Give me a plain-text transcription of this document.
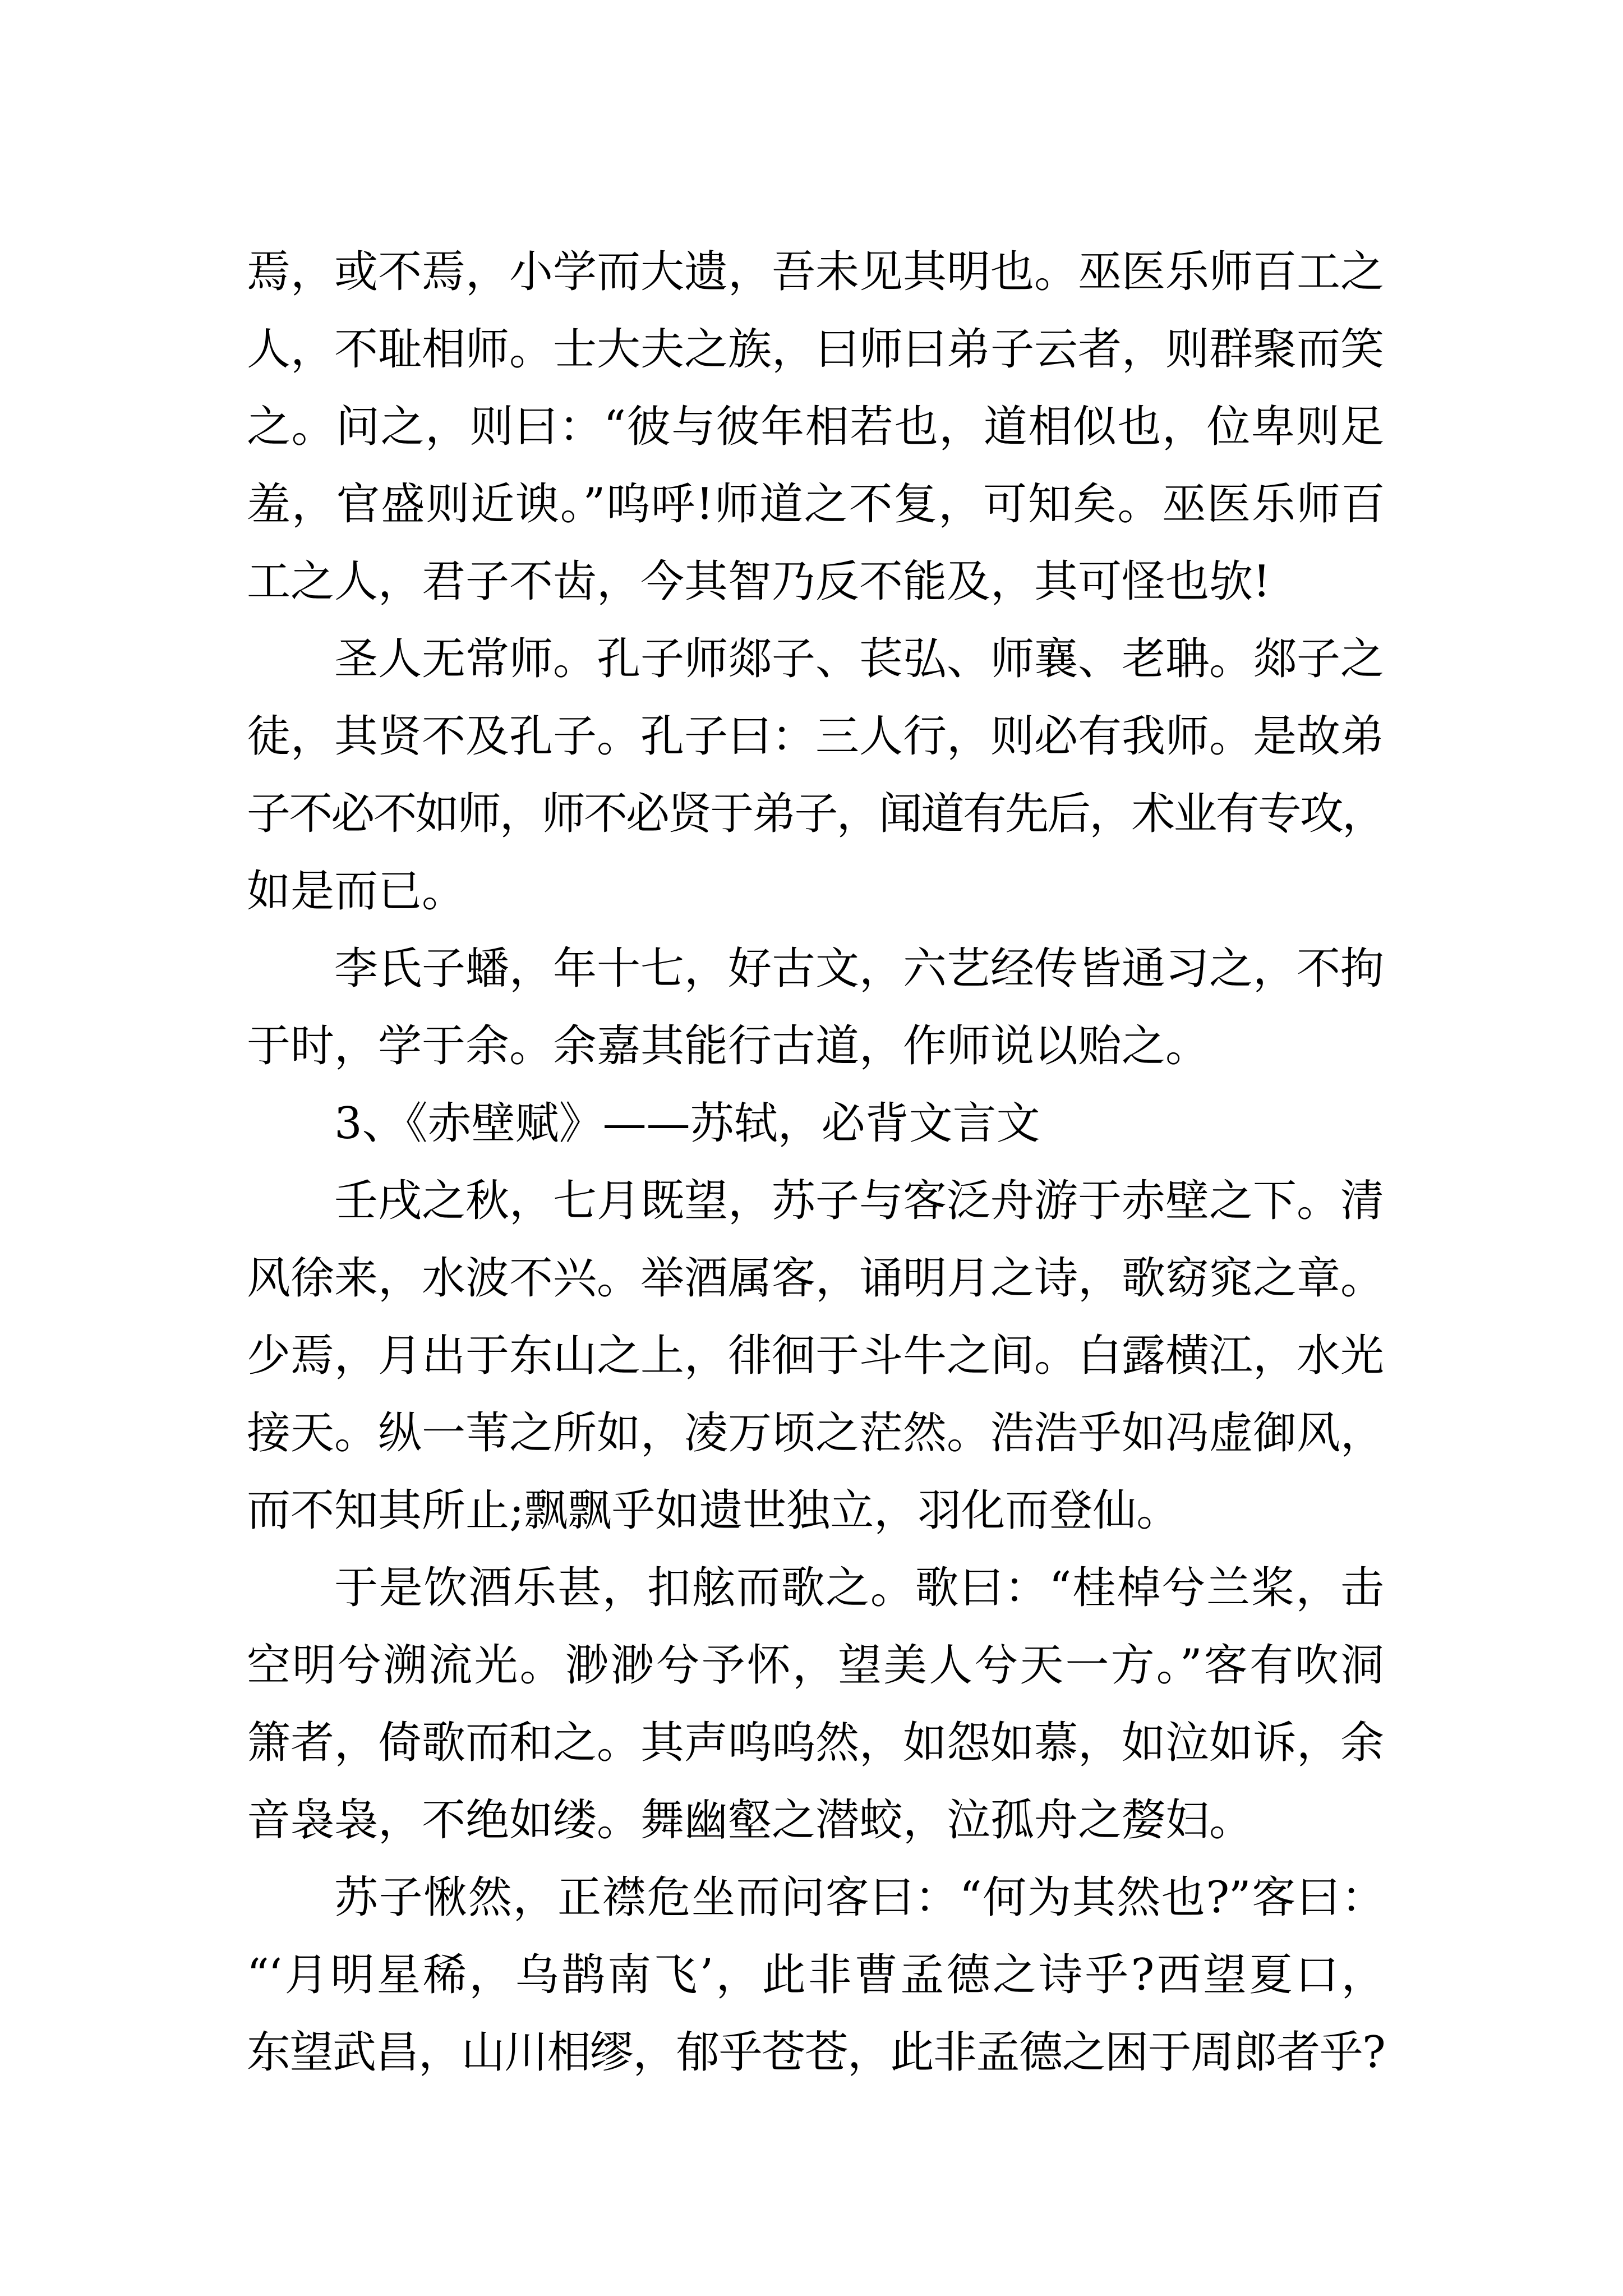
焉，或不焉，小学而大遗，吾未见其明也。巫医乐师百工之
人，不耻相师。士大夫之族，曰师曰弟子云者，则群聚而笑
之。问之，则曰：“彼与彼年相若也，道相似也，位卑则足
羞，官盛则近谀。”呜呼!师道之不复，可知矣。巫医乐师百
工之人，君子不齿，今其智乃反不能及，其可怪也欤!
圣人无常师。孔子师郯子、苌弘、师襄、老聃。郯子之
徒，其贤不及孔子。孔子曰：三人行，则必有我师。是故弟
子不必不如师，师不必贤于弟子，闻道有先后，术业有专攻，
如是而已。
李氏子蟠，年十七，好古文，六艺经传皆通习之，不拘
于时，学于余。余嘉其能行古道，作师说以贻之。
3、《赤壁赋》——苏轼，必背文言文
壬戌之秋，七月既望，苏子与客泛舟游于赤壁之下。清
风徐来，水波不兴。举酒属客，诵明月之诗，歌窈窕之章。
少焉，月出于东山之上，徘徊于斗牛之间。白露横江，水光
接天。纵一苇之所如，凌万顷之茫然。浩浩乎如冯虚御风，
而不知其所止;飘飘乎如遗世独立，羽化而登仙。
于是饮酒乐甚，扣舷而歌之。歌曰：“桂棹兮兰桨，击
空明兮溯流光。渺渺兮予怀，望美人兮天一方。”客有吹洞
箫者，倚歌而和之。其声呜呜然，如怨如慕，如泣如诉，余
音袅袅，不绝如缕。舞幽壑之潜蛟，泣孤舟之嫠妇。
苏子愀然，正襟危坐而问客曰：“何为其然也?”客曰：
“‘月明星稀，乌鹊南飞’，此非曹孟德之诗乎?西望夏口，
东望武昌，山川相缪，郁乎苍苍，此非孟德之困于周郎者乎?
